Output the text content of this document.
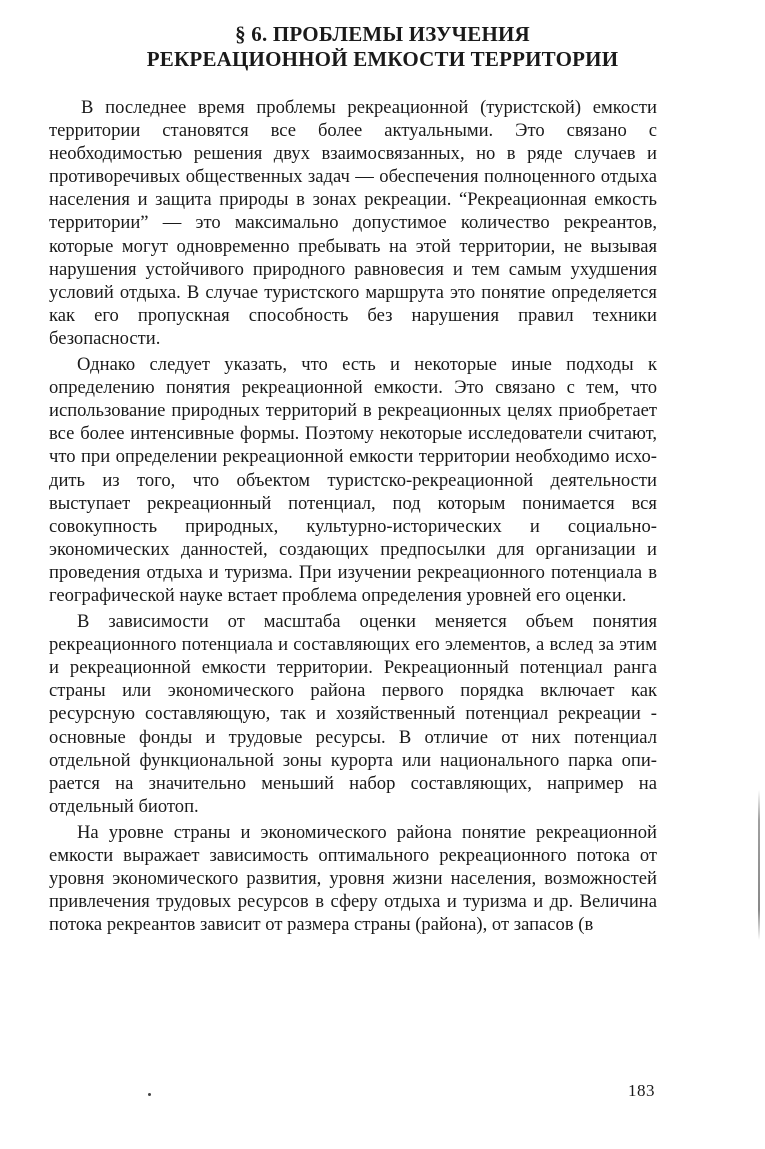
§ 6. ПРОБЛЕМЫ ИЗУЧЕНИЯ
РЕКРЕАЦИОННОЙ ЕМКОСТИ ТЕРРИТОРИИ

В последнее время проблемы рекреационной (туристской) емкости территории становятся все более актуальными. Это связано с необходимостью решения двух взаимосвязанных, но в ряде случаев и противоречивых общественных задач — обеспечения полноценного отдыха населения и защита природы в зонах рекреации. “Рекреационная емкость территории” — это максимально допустимое количество рекреантов, которые могут одновременно пребывать на этой территории, не вызывая нарушения устойчивого природного равновесия и тем самым ухудшения условий отдыха. В случае туристского маршрута это понятие определяется как его пропускная способность без нарушения правил техники безопасности.

Однако следует указать, что есть и некоторые иные подходы к определению понятия рекреационной емкости. Это связано с тем, что использование природных территорий в рекреационных целях приобретает все более интенсивные формы. Поэтому некоторые исследователи считают, что при определении рекреационной емкости территории необходимо исходить из того, что объектом туристско-рекреационной деятельности выступает рекреационный потенциал, под которым понимается вся совокупность природных, культурно-исторических и социально-экономических данностей, создающих предпосылки для организации и проведения отдыха и туризма. При изучении рекреационного потенциала в географической науке встает проблема определения уровней его оценки.

В зависимости от масштаба оценки меняется объем понятия рекреационного потенциала и составляющих его элементов, а вслед за этим и рекреационной емкости территории. Рекреационный потенциал ранга страны или экономического района первого порядка включает как ресурсную составляющую, так и хозяйственный потенциал рекреации - основные фонды и трудовые ресурсы. В отличие от них потенциал отдельной функциональной зоны курорта или национального парка опирается на значительно меньший набор составляющих, например на отдельный биотоп.

На уровне страны и экономического района понятие рекреационной емкости выражает зависимость оптимального рекреационного потока от уровня экономического развития, уровня жизни населения, возможностей привлечения трудовых ресурсов в сферу отдыха и туризма и др. Величина потока рекреантов зависит от размера страны (района), от запасов (в

183
